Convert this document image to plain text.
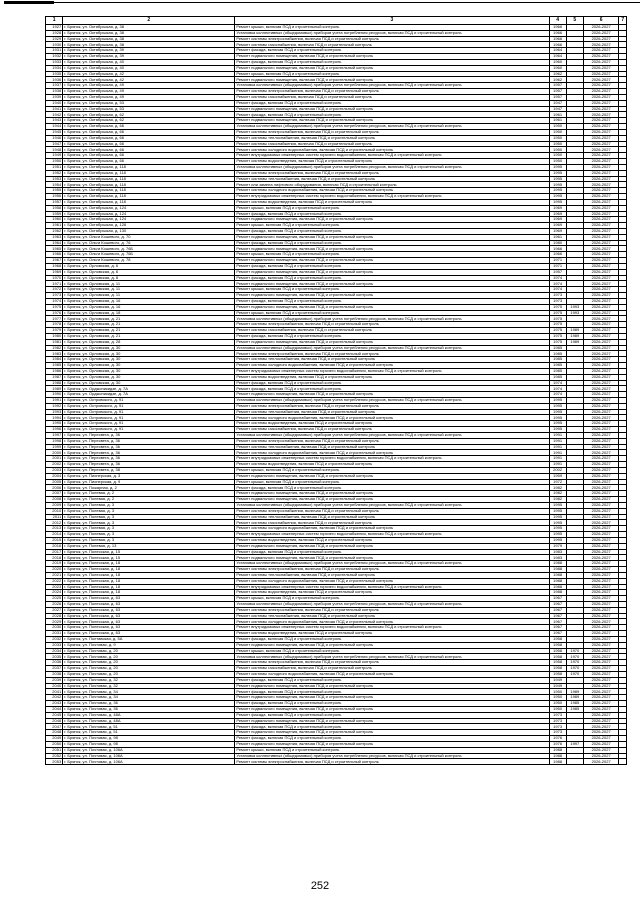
1	2	3	4	5	6	7
1927	г. Брянск, ул. Октябрьская, д. 38	Ремонт крыши, включая ПСД и строительный контроль	1966		2026-2027	
1928	г. Брянск, ул. Октябрьская, д. 38	Установка коллективных (общедомовых) приборов учета потребления ресурсов, включая ПСД и строительный контроль	1966		2026-2027	
1929	г. Брянск, ул. Октябрьская, д. 38	Ремонт системы электроснабжения, включая ПСД и строительный контроль	1966		2026-2027	
1930	г. Брянск, ул. Октябрьская, д. 38	Ремонт системы газоснабжения, включая ПСД и строительный контроль	1966		2026-2027	
1931	г. Брянск, ул. Октябрьская, д. 39	Ремонт фасада, включая ПСД и строительный контроль	1964		2026-2027	
1932	г. Брянск, ул. Октябрьская, д. 39	Ремонт подвального помещения, включая ПСД и строительный контроль	1964		2026-2027	
1933	г. Брянск, ул. Октябрьская, д. 40	Ремонт фасада, включая ПСД и строительный контроль	1960		2026-2027	
1934	г. Брянск, ул. Октябрьская, д. 40	Ремонт подвального помещения, включая ПСД и строительный контроль	1960		2026-2027	
1935	г. Брянск, ул. Октябрьская, д. 42	Ремонт крыши, включая ПСД и строительный контроль	1962		2026-2027	
1936	г. Брянск, ул. Октябрьская, д. 42	Ремонт подвального помещения, включая ПСД и строительный контроль	1962		2026-2027	
1937	г. Брянск, ул. Октябрьская, д. 49	Установка коллективных (общедомовых) приборов учета потребления ресурсов, включая ПСД и строительный контроль	1957		2026-2027	
1938	г. Брянск, ул. Октябрьская, д. 49	Ремонт системы электроснабжения, включая ПСД и строительный контроль	1957		2026-2027	
1939	г. Брянск, ул. Октябрьская, д. 49	Ремонт системы газоснабжения, включая ПСД и строительный контроль	1957		2026-2027	
1940	г. Брянск, ул. Октябрьская, д. 53	Ремонт фасада, включая ПСД и строительный контроль	1947		2026-2027	
1941	г. Брянск, ул. Октябрьская, д. 53	Ремонт подвального помещения, включая ПСД и строительный контроль	1947		2026-2027	
1942	г. Брянск, ул. Октябрьская, д. 62	Ремонт фасада, включая ПСД и строительный контроль	1961		2026-2027	
1943	г. Брянск, ул. Октябрьская, д. 62	Ремонт подвального помещения, включая ПСД и строительный контроль	1961		2026-2027	
1944	г. Брянск, ул. Октябрьская, д. 66	Установка коллективных (общедомовых) приборов учета потребления ресурсов, включая ПСД и строительный контроль	1950		2026-2027	
1945	г. Брянск, ул. Октябрьская, д. 66	Ремонт системы электроснабжения, включая ПСД и строительный контроль	1950		2026-2027	
1946	г. Брянск, ул. Октябрьская, д. 66	Ремонт системы теплоснабжения, включая ПСД и строительный контроль	1950		2026-2027	
1947	г. Брянск, ул. Октябрьская, д. 66	Ремонт системы газоснабжения, включая ПСД и строительный контроль	1950		2026-2027	
1948	г. Брянск, ул. Октябрьская, д. 66	Ремонт системы холодного водоснабжения, включая ПСД и строительный контроль	1950		2026-2027	
1949	г. Брянск, ул. Октябрьская, д. 66	Ремонт внутридомовых инженерных систем горячего водоснабжения, включая ПСД и строительный контроль	1950		2026-2027	
1950	г. Брянск, ул. Октябрьская, д. 66	Ремонт системы водоотведения, включая ПСД и строительный контроль	1950		2026-2027	
1951	г. Брянск, ул. Октябрьская, д. 118	Установка коллективных (общедомовых) приборов учета потребления ресурсов, включая ПСД и строительный контроль	1995		2026-2027	
1952	г. Брянск, ул. Октябрьская, д. 118	Ремонт системы электроснабжения, включая ПСД и строительный контроль	1995		2026-2027	
1953	г. Брянск, ул. Октябрьская, д. 118	Ремонт системы теплоснабжения, включая ПСД и строительный контроль	1995		2026-2027	
1954	г. Брянск, ул. Октябрьская, д. 118	Ремонт или замена лифтового оборудования, включая ПСД и строительный контроль	1995		2026-2027	
1955	г. Брянск, ул. Октябрьская, д. 118	Ремонт системы холодного водоснабжения, включая ПСД и строительный контроль	1995		2026-2027	
1956	г. Брянск, ул. Октябрьская, д. 118	Ремонт внутридомовых инженерных систем горячего водоснабжения, включая ПСД и строительный контроль	1995		2026-2027	
1957	г. Брянск, ул. Октябрьская, д. 118	Ремонт системы водоотведения, включая ПСД и строительный контроль	1995		2026-2027	
1958	г. Брянск, ул. Октябрьская, д. 124	Ремонт крыши, включая ПСД и строительный контроль	1969		2026-2027	
1959	г. Брянск, ул. Октябрьская, д. 124	Ремонт фасада, включая ПСД и строительный контроль	1969		2026-2027	
1960	г. Брянск, ул. Октябрьская, д. 124	Ремонт подвального помещения, включая ПСД и строительный контроль	1969		2026-2027	
1961	г. Брянск, ул. Октябрьская, д. 126	Ремонт крыши, включая ПСД и строительный контроль	1969		2026-2027	
1962	г. Брянск, ул. Октябрьская, д. 130	Ремонт фасада, включая ПСД и строительный контроль	1969		2026-2027	
1963	г. Брянск, ул. Ольги Кошевого, д. 70	Ремонт подвального помещения, включая ПСД и строительный контроль	1961		2026-2027	
1964	г. Брянск, ул. Ольги Кошевого, д. 76	Ремонт фасада, включая ПСД и строительный контроль	1980		2026-2027	
1965	г. Брянск, ул. Ольги Кошевого, д. 76Б	Ремонт подвального помещения, включая ПСД и строительный контроль	1966		2026-2027	
1966	г. Брянск, ул. Ольги Кошевого, д. 76Б	Ремонт крыши, включая ПСД и строительный контроль	1966		2026-2027	
1967	г. Брянск, ул. Ольги Кошевого, д. 78	Ремонт подвального помещения, включая ПСД и строительный контроль	1971		2026-2027	
1968	г. Брянск, ул. Орловская, д. 6	Ремонт фасада, включая ПСД и строительный контроль	1971		2026-2027	
1969	г. Брянск, ул. Орловская, д. 6	Ремонт подвального помещения, включая ПСД и строительный контроль	1957		2026-2027	
1970	г. Брянск, ул. Орловская, д. 8	Ремонт фасада, включая ПСД и строительный контроль	1974		2026-2027	
1971	г. Брянск, ул. Орловская, д. 11	Ремонт подвального помещения, включая ПСД и строительный контроль	1974		2026-2027	
1972	г. Брянск, ул. Орловская, д. 11	Ремонт крыши, включая ПСД и строительный контроль	1974		2026-2027	
1973	г. Брянск, ул. Орловская, д. 11	Ремонт подвального помещения, включая ПСД и строительный контроль	1973		2026-2027	
1974	г. Брянск, ул. Орловская, д. 16	Ремонт фасада, включая ПСД и строительный контроль	1973		2026-2027	
1975	г. Брянск, ул. Орловская, д. 16	Ремонт подвального помещения, включая ПСД и строительный контроль	1975	1993	2026-2027	
1976	г. Брянск, ул. Орловская, д. 18	Ремонт крыши, включая ПСД и строительный контроль	1975	1993	2026-2027	
1977	г. Брянск, ул. Орловская, д. 21	Установка коллективных (общедомовых) приборов учета потребления ресурсов, включая ПСД и строительный контроль	1975		2026-2027	
1978	г. Брянск, ул. Орловская, д. 21	Ремонт системы электроснабжения, включая ПСД и строительный контроль	1975		2026-2027	
1979	г. Брянск, ул. Орловская, д. 21	Ремонт системы газоснабжения, включая ПСД и строительный контроль	1975	1989	2026-2027	
1980	г. Брянск, ул. Орловская, д. 21	Ремонт фасада, включая ПСД и строительный контроль	1975	1989	2026-2027	
1981	г. Брянск, ул. Орловская, д. 28	Ремонт подвального помещения, включая ПСД и строительный контроль	1975	1989	2026-2027	
1982	г. Брянск, ул. Орловская, д. 30	Установка коллективных (общедомовых) приборов учета потребления ресурсов, включая ПСД и строительный контроль	1985		2026-2027	
1983	г. Брянск, ул. Орловская, д. 30	Ремонт системы электроснабжения, включая ПСД и строительный контроль	1985		2026-2027	
1984	г. Брянск, ул. Орловская, д. 30	Ремонт системы теплоснабжения, включая ПСД и строительный контроль	1985		2026-2027	
1985	г. Брянск, ул. Орловская, д. 30	Ремонт системы холодного водоснабжения, включая ПСД и строительный контроль	1985		2026-2027	
1986	г. Брянск, ул. Орловская, д. 30	Ремонт внутридомовых инженерных систем горячего водоснабжения, включая ПСД и строительный контроль	1985		2026-2027	
1987	г. Брянск, ул. Орловская, д. 30	Ремонт системы водоотведения, включая ПСД и строительный контроль	1985		2026-2027	
1988	г. Брянск, ул. Орловская, д. 30	Ремонт фасада, включая ПСД и строительный контроль	1974		2026-2027	
1989	г. Брянск, ул. Орджоникидзе, д. 7А	Ремонт фасада, включая ПСД и строительный контроль	1974		2026-2027	
1990	г. Брянск, ул. Орджоникидзе, д. 7А	Ремонт подвального помещения, включая ПСД и строительный контроль	1974		2026-2027	
1991	г. Брянск, ул. Островского, д. 91	Установка коллективных (общедомовых) приборов учета потребления ресурсов, включая ПСД и строительный контроль	1995		2026-2027	
1992	г. Брянск, ул. Островского, д. 91	Ремонт системы электроснабжения, включая ПСД и строительный контроль	1995		2026-2027	
1993	г. Брянск, ул. Островского, д. 91	Ремонт системы теплоснабжения, включая ПСД и строительный контроль	1995		2026-2027	
1994	г. Брянск, ул. Островского, д. 91	Ремонт системы холодного водоснабжения, включая ПСД и строительный контроль	1995		2026-2027	
1995	г. Брянск, ул. Островского, д. 91	Ремонт системы водоотведения, включая ПСД и строительный контроль	1995		2026-2027	
1996	г. Брянск, ул. Островского, д. 91	Ремонт системы газоснабжения, включая ПСД и строительный контроль	1995		2026-2027	
1997	г. Брянск, ул. Пересвета, д. 36	Установка коллективных (общедомовых) приборов учета потребления ресурсов, включая ПСД и строительный контроль	1991		2026-2027	
1998	г. Брянск, ул. Пересвета, д. 36	Ремонт системы электроснабжения, включая ПСД и строительный контроль	1991		2026-2027	
1999	г. Брянск, ул. Пересвета, д. 36	Ремонт системы теплоснабжения, включая ПСД и строительный контроль	1991		2026-2027	
2000	г. Брянск, ул. Пересвета, д. 36	Ремонт системы холодного водоснабжения, включая ПСД и строительный контроль	1991		2026-2027	
2001	г. Брянск, ул. Пересвета, д. 36	Ремонт внутридомовых инженерных систем горячего водоснабжения, включая ПСД и строительный контроль	1991		2026-2027	
2002	г. Брянск, ул. Пересвета, д. 36	Ремонт системы водоотведения, включая ПСД и строительный контроль	1991		2026-2027	
2003	г. Брянск, ул. Пересвета, д. 38	Ремонт крыши, включая ПСД и строительный контроль	2002		2026-2027	
2004	г. Брянск, ул. Пионерская, д. 3	Ремонт подвального помещения, включая ПСД и строительный контроль	1959		2026-2027	
2005	г. Брянск, ул. Пионерская, д. 9	Ремонт крыши, включая ПСД и строительный контроль	1972		2026-2027	
2006	г. Брянск, ул. Пожарная, д. 2	Ремонт фасада, включая ПСД и строительный контроль	1982		2026-2027	
2007	г. Брянск, ул. Полевая, д. 2	Ремонт подвального помещения, включая ПСД и строительный контроль	1982		2026-2027	
2008	г. Брянск, ул. Полевая, д. 2	Ремонт подвального помещения, включая ПСД и строительный контроль	1982		2026-2027	
2009	г. Брянск, ул. Полевая, д. 3	Установка коллективных (общедомовых) приборов учета потребления ресурсов, включая ПСД и строительный контроль	1995		2026-2027	
2010	г. Брянск, ул. Полевая, д. 3	Ремонт системы электроснабжения, включая ПСД и строительный контроль	1995		2026-2027	
2011	г. Брянск, ул. Полевая, д. 3	Ремонт системы теплоснабжения, включая ПСД и строительный контроль	1995		2026-2027	
2012	г. Брянск, ул. Полевая, д. 3	Ремонт системы газоснабжения, включая ПСД и строительный контроль	1995		2026-2027	
2013	г. Брянск, ул. Полевая, д. 3	Ремонт системы холодного водоснабжения, включая ПСД и строительный контроль	1995		2026-2027	
2014	г. Брянск, ул. Полевая, д. 3	Ремонт внутридомовых инженерных систем горячего водоснабжения, включая ПСД и строительный контроль	1995		2026-2027	
2015	г. Брянск, ул. Полевая, д. 3	Ремонт системы водоотведения, включая ПСД и строительный контроль	1995		2026-2027	
2016	г. Брянск, ул. Полевая, д. 13	Ремонт подвального помещения, включая ПСД и строительный контроль	1979		2026-2027	
2017	г. Брянск, ул. Полесская, д. 15	Ремонт фасада, включая ПСД и строительный контроль	1983		2026-2027	
2018	г. Брянск, ул. Полесская, д. 15	Ремонт подвального помещения, включая ПСД и строительный контроль	1983		2026-2027	
2019	г. Брянск, ул. Полесская, д. 18	Установка коллективных (общедомовых) приборов учета потребления ресурсов, включая ПСД и строительный контроль	1988		2026-2027	
2020	г. Брянск, ул. Полесская, д. 18	Ремонт системы электроснабжения, включая ПСД и строительный контроль	1988		2026-2027	
2021	г. Брянск, ул. Полесская, д. 18	Ремонт системы теплоснабжения, включая ПСД и строительный контроль	1988		2026-2027	
2022	г. Брянск, ул. Полесская, д. 18	Ремонт системы холодного водоснабжения, включая ПСД и строительный контроль	1988		2026-2027	
2023	г. Брянск, ул. Полесская, д. 18	Ремонт внутридомовых инженерных систем горячего водоснабжения, включая ПСД и строительный контроль	1988		2026-2027	
2024	г. Брянск, ул. Полесская, д. 18	Ремонт системы водоотведения, включая ПСД и строительный контроль	1988		2026-2027	
2025	г. Брянск, ул. Полесская, д. 63	Ремонт крыши, включая ПСД и строительный контроль	1967		2026-2027	
2026	г. Брянск, ул. Полесская, д. 63	Установка коллективных (общедомовых) приборов учета потребления ресурсов, включая ПСД и строительный контроль	1967		2026-2027	
2027	г. Брянск, ул. Полесская, д. 63	Ремонт системы электроснабжения, включая ПСД и строительный контроль	1967		2026-2027	
2028	г. Брянск, ул. Полесская, д. 63	Ремонт системы теплоснабжения, включая ПСД и строительный контроль	1967		2026-2027	
2029	г. Брянск, ул. Полесская, д. 63	Ремонт системы холодного водоснабжения, включая ПСД и строительный контроль	1967		2026-2027	
2030	г. Брянск, ул. Полесская, д. 63	Ремонт внутридомовых инженерных систем горячего водоснабжения, включая ПСД и строительный контроль	1967		2026-2027	
2031	г. Брянск, ул. Полесская, д. 63	Ремонт системы водоотведения, включая ПСД и строительный контроль	1967		2026-2027	
2032	г. Брянск, ул. Полтавская, д. 5А	Ремонт фасада, включая ПСД и строительный контроль	1958		2026-2027	
2033	г. Брянск, ул. Почтовая, д. 9	Ремонт подвального помещения, включая ПСД и строительный контроль	1958		2026-2027	
2034	г. Брянск, ул. Почтовая, д. 20	Ремонт крыши, включая ПСД и строительный контроль	1958	1970	2026-2027	
2035	г. Брянск, ул. Почтовая, д. 20	Установка коллективных (общедомовых) приборов учета потребления ресурсов, включая ПСД и строительный контроль	1958	1970	2026-2027	
2036	г. Брянск, ул. Почтовая, д. 20	Ремонт системы электроснабжения, включая ПСД и строительный контроль	1958	1970	2026-2027	
2037	г. Брянск, ул. Почтовая, д. 20	Ремонт системы газоснабжения, включая ПСД и строительный контроль	1958	1970	2026-2027	
2038	г. Брянск, ул. Почтовая, д. 20	Ремонт системы холодного водоснабжения, включая ПСД и строительный контроль	1958	1970	2026-2027	
2039	г. Брянск, ул. Почтовая, д. 32	Ремонт фасада, включая ПСД и строительный контроль	1949		2026-2027	
2040	г. Брянск, ул. Почтовая, д. 32	Ремонт подвального помещения, включая ПСД и строительный контроль	1949		2026-2027	
2041	г. Брянск, ул. Почтовая, д. 34	Ремонт фасада, включая ПСД и строительный контроль	1950	1989	2026-2027	
2042	г. Брянск, ул. Почтовая, д. 34	Ремонт подвального помещения, включая ПСД и строительный контроль	1950	1989	2026-2027	
2043	г. Брянск, ул. Почтовая, д. 36	Ремонт фасада, включая ПСД и строительный контроль	1950	1985	2026-2027	
2044	г. Брянск, ул. Почтовая, д. 36	Ремонт подвального помещения, включая ПСД и строительный контроль	1950	1985	2026-2027	
2045	г. Брянск, ул. Почтовая, д. 48А	Ремонт фасада, включая ПСД и строительный контроль	1973		2026-2027	
2046	г. Брянск, ул. Почтовая, д. 48А	Ремонт подвального помещения, включая ПСД и строительный контроль	1973		2026-2027	
2047	г. Брянск, ул. Почтовая, д. 51	Ремонт фасада, включая ПСД и строительный контроль	1973		2026-2027	
2048	г. Брянск, ул. Почтовая, д. 51	Ремонт подвального помещения, включая ПСД и строительный контроль	1973		2026-2027	
2049	г. Брянск, ул. Почтовая, д. 98	Ремонт фасада, включая ПСД и строительный контроль	1976		2026-2027	
2050	г. Брянск, ул. Почтовая, д. 98	Ремонт подвального помещения, включая ПСД и строительный контроль	1976	1997	2026-2027	
2051	г. Брянск, ул. Почтовая, д. 106А	Ремонт крыши, включая ПСД и строительный контроль	1988		2026-2027	
2052	г. Брянск, ул. Почтовая, д. 106А	Установка коллективных (общедомовых) приборов учета потребления ресурсов, включая ПСД и строительный контроль	1988		2026-2027	
2053	г. Брянск, ул. Почтовая, д. 106А	Ремонт системы электроснабжения, включая ПСД и строительный контроль	1988		2026-2027	
252
